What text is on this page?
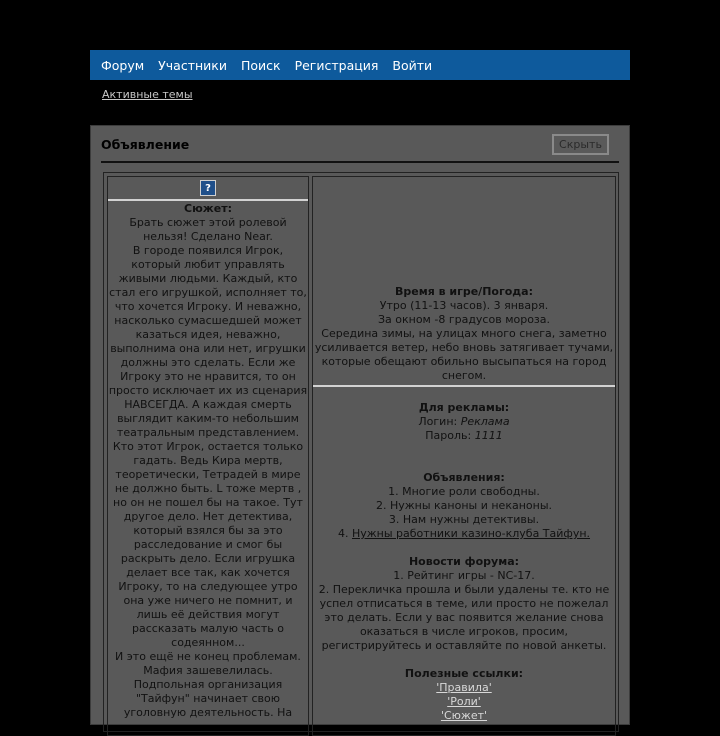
Форум Участники Поиск Регистрация Войти
Активные темы
Объявление	Скрыть
?

Сюжет:

Брать сюжет этой ролевой нельзя! Сделано Near.

В городе появился Игрок, который любит управлять живыми людьми. Каждый, кто стал его игрушкой, исполняет то, что хочется Игроку. И неважно, насколько сумасшедшей может казаться идея, неважно, выполнима она или нет, игрушки должны это сделать. Если же Игроку это не нравится, то он просто исключает их из сценария НАВСЕГДА. А каждая смерть выглядит каким-то небольшим театральным представлением. Кто этот Игрок, остается только гадать. Ведь Кира мертв, теоретически, Тетрадей в мире не должно быть. L тоже мертв , но он не пошел бы на такое. Тут другое дело. Нет детектива, который взялся бы за это расследование и смог бы раскрыть дело. Если игрушка делает все так, как хочется Игроку, то на следующее утро она уже ничего не помнит, и лишь её действия могут рассказать малую часть о содеянном...

И это ещё не конец проблемам. Мафия зашевелилась. Подпольная организация "Тайфун" начинает свою уголовную деятельность. На

Время в игре/Погода:

Утро (11-13 часов). 3 января.

За окном -8 градусов мороза.

Середина зимы, на улицах много снега, заметно усиливается ветер, небо вновь затягивает тучами, которые обещают обильно высыпаться на город снегом.

Для рекламы:

Логин: Реклама

Пароль: 1111

Объявления:

1. Многие роли свободны.

2. Нужны каноны и неканоны.

3. Нам нужны детективы.

4. Нужны работники казино-клуба Тайфун.

Новости форума:

1. Рейтинг игры - NC-17.

2. Перекличка прошла и были удалены те. кто не успел отписаться в теме, или просто не пожелал это делать. Если у вас появится желание снова оказаться в числе игроков, просим, регистрируйтесь и оставляйте по новой анкеты.

Полезные ссылки:

'Правила'

'Роли'

'Сюжет'
